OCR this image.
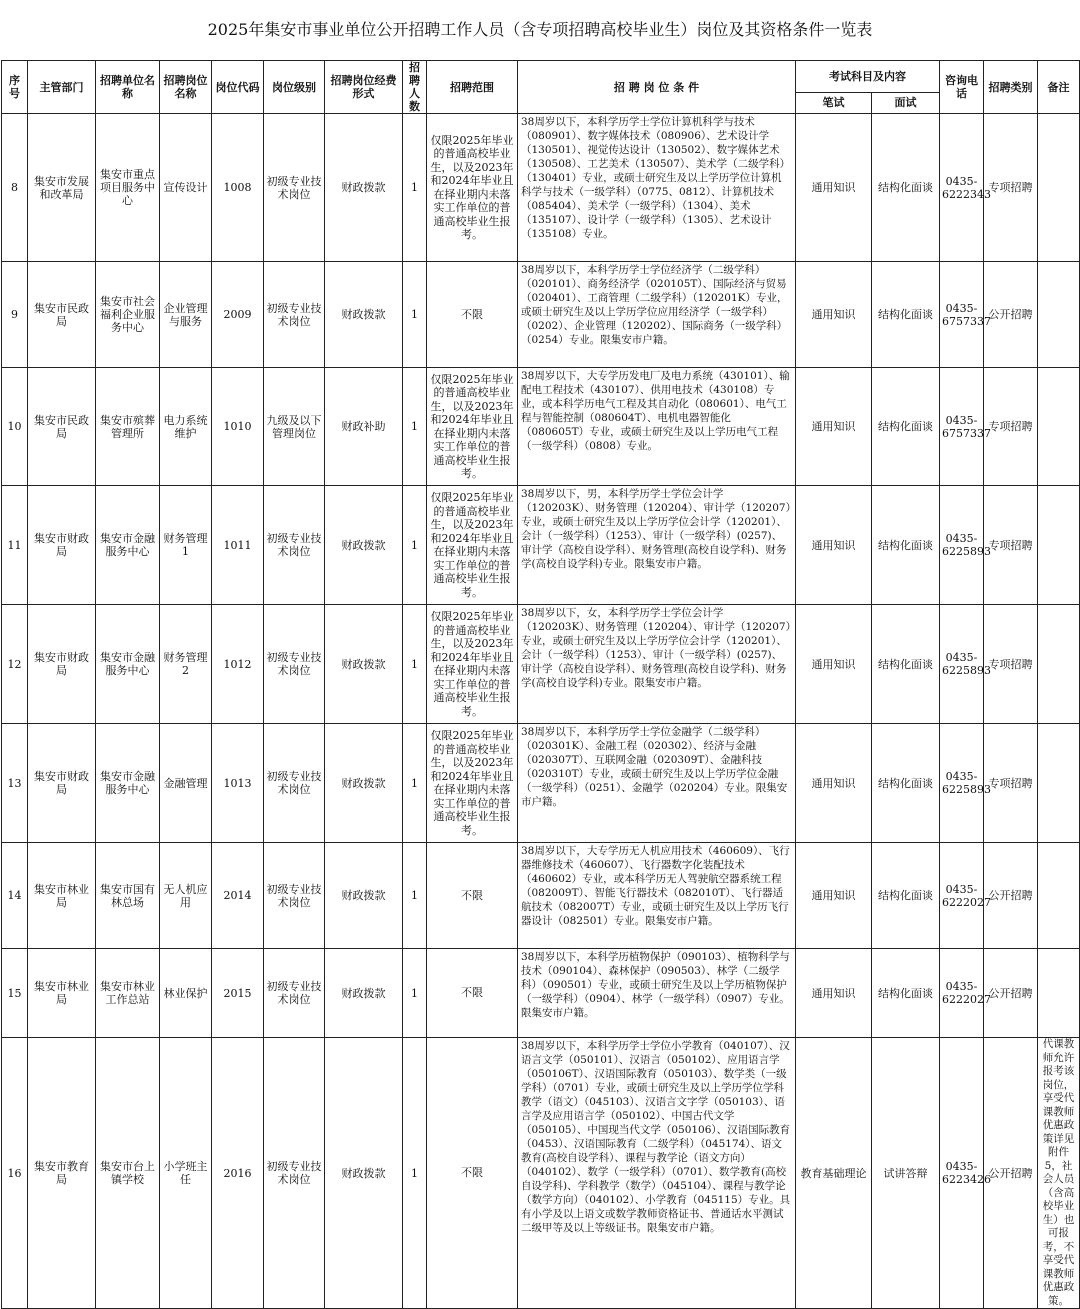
2025年集安市事业单位公开招聘工作人员（含专项招聘高校毕业生）岗位及其资格条件一览表
序号	主管部门	招聘单位名称	招聘岗位名称	岗位代码	岗位级别	招聘岗位经费形式	招聘人数	招聘范围	招 聘 岗 位 条 件	考试科目及内容		咨询电话	招聘类别	备注
										笔试	面试			
8	集安市发展和改革局	集安市重点项目服务中心	宣传设计	1008	初级专业技术岗位	财政拨款	1	仅限2025年毕业的普通高校毕业生，以及2023年和2024年毕业且在择业期内未落实工作单位的普通高校毕业生报考。	38周岁以下，本科学历学士学位计算机科学与技术（080901）、数字媒体技术（080906）、艺术设计学（130501）、视觉传达设计（130502）、数字媒体艺术（130508）、工艺美术（130507）、美术学（二级学科）（130401）专业，或硕士研究生及以上学历学位计算机科学与技术（一级学科）（0775、0812）、计算机技术（085404）、美术学（一级学科）（1304）、美术（135107）、设计学（一级学科）（1305）、艺术设计（135108）专业。	通用知识	结构化面谈	0435-6222343	专项招聘	
9	集安市民政局	集安市社会福利企业服务中心	企业管理与服务	2009	初级专业技术岗位	财政拨款	1	不限	38周岁以下，本科学历学士学位经济学（二级学科）（020101）、商务经济学（020105T）、国际经济与贸易（020401）、工商管理（二级学科）（120201K）专业，或硕士研究生及以上学历学位应用经济学（一级学科）（0202）、企业管理（120202）、国际商务（一级学科）（0254）专业。限集安市户籍。	通用知识	结构化面谈	0435-6757337	公开招聘	
10	集安市民政局	集安市殡葬管理所	电力系统维护	1010	九级及以下管理岗位	财政补助	1	仅限2025年毕业的普通高校毕业生，以及2023年和2024年毕业且在择业期内未落实工作单位的普通高校毕业生报考。	38周岁以下，大专学历发电厂及电力系统（430101）、输配电工程技术（430107）、供用电技术（430108）专业，或本科学历电气工程及其自动化（080601）、电气工程与智能控制（080604T）、电机电器智能化（080605T）专业，或硕士研究生及以上学历电气工程（一级学科）（0808）专业。	通用知识	结构化面谈	0435-6757337	专项招聘	
11	集安市财政局	集安市金融服务中心	财务管理1	1011	初级专业技术岗位	财政拨款	1	仅限2025年毕业的普通高校毕业生，以及2023年和2024年毕业且在择业期内未落实工作单位的普通高校毕业生报考。	38周岁以下，男，本科学历学士学位会计学（120203K）、财务管理（120204）、审计学（120207）专业，或硕士研究生及以上学历学位会计学（120201）、会计（一级学科）（1253）、审计（一级学科）(0257)、审计学（高校自设学科）、财务管理(高校自设学科)、财务学(高校自设学科)专业。限集安市户籍。	通用知识	结构化面谈	0435-6225893	专项招聘	
12	集安市财政局	集安市金融服务中心	财务管理2	1012	初级专业技术岗位	财政拨款	1	仅限2025年毕业的普通高校毕业生，以及2023年和2024年毕业且在择业期内未落实工作单位的普通高校毕业生报考。	38周岁以下，女，本科学历学士学位会计学（120203K）、财务管理（120204）、审计学（120207）专业，或硕士研究生及以上学历学位会计学（120201）、会计（一级学科）（1253）、审计（一级学科）(0257)、审计学（高校自设学科）、财务管理(高校自设学科)、财务学(高校自设学科)专业。限集安市户籍。	通用知识	结构化面谈	0435-6225893	专项招聘	
13	集安市财政局	集安市金融服务中心	金融管理	1013	初级专业技术岗位	财政拨款	1	仅限2025年毕业的普通高校毕业生，以及2023年和2024年毕业且在择业期内未落实工作单位的普通高校毕业生报考。	38周岁以下，本科学历学士学位金融学（二级学科）（020301K）、金融工程（020302）、经济与金融（020307T）、互联网金融（020309T）、金融科技（020310T）专业，或硕士研究生及以上学历学位金融（一级学科）（0251）、金融学（020204）专业。限集安市户籍。	通用知识	结构化面谈	0435-6225893	专项招聘	
14	集安市林业局	集安市国有林总场	无人机应用	2014	初级专业技术岗位	财政拨款	1	不限	38周岁以下，大专学历无人机应用技术（460609）、飞行器维修技术（460607）、飞行器数字化装配技术（460602）专业，或本科学历无人驾驶航空器系统工程（082009T）、智能飞行器技术（082010T）、飞行器适航技术（082007T）专业，或硕士研究生及以上学历飞行器设计（082501）专业。限集安市户籍。	通用知识	结构化面谈	0435-6222027	公开招聘	
15	集安市林业局	集安市林业工作总站	林业保护	2015	初级专业技术岗位	财政拨款	1	不限	38周岁以下，本科学历植物保护（090103）、植物科学与技术（090104）、森林保护（090503）、林学（二级学科）（090501）专业，或硕士研究生及以上学历植物保护（一级学科）（0904）、林学（一级学科）（0907）专业。限集安市户籍。	通用知识	结构化面谈	0435-6222027	公开招聘	
16	集安市教育局	集安市台上镇学校	小学班主任	2016	初级专业技术岗位	财政拨款	1	不限	38周岁以下，本科学历学士学位小学教育（040107）、汉语言文学（050101）、汉语言（050102）、应用语言学（050106T）、汉语国际教育（050103）、数学类（一级学科）（0701）专业，或硕士研究生及以上学历学位学科教学（语文）（045103）、汉语言文字学（050103）、语言学及应用语言学（050102）、中国古代文学（050105）、中国现当代文学（050106）、汉语国际教育（0453）、汉语国际教育（二级学科）（045174）、语文教育(高校自设学科）、课程与教学论（语文方向）（040102）、数学（一级学科）（0701）、数学教育(高校自设学科)、学科教学（数学）（045104）、课程与教学论（数学方向）（040102）、小学教育（045115）专业。具有小学及以上语文或数学教师资格证书、普通话水平测试二级甲等及以上等级证书。限集安市户籍。	教育基础理论	试讲答辩	0435-6223426	公开招聘	代课教师允许报考该岗位，享受代课教师优惠政策详见附件5，社会人员（含高校毕业生）也可报考，不享受代课教师优惠政策。
